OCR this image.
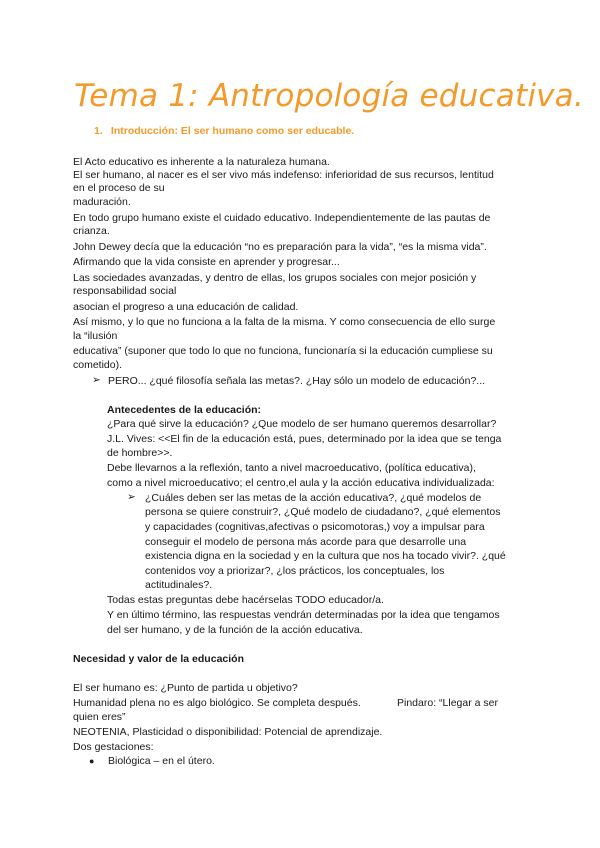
Tema 1: Antropología educativa.
1. Introducción: El ser humano como ser educable.
El Acto educativo es inherente a la naturaleza humana.
El ser humano, al nacer es el ser vivo más indefenso: inferioridad de sus recursos, lentitud
en el proceso de su
maduración.
En todo grupo humano existe el cuidado educativo. Independientemente de las pautas de
crianza.
John Dewey decía que la educación “no es preparación para la vida”, “es la misma vida”.
Afirmando que la vida consiste en aprender y progresar...
Las sociedades avanzadas, y dentro de ellas, los grupos sociales con mejor posición y
responsabilidad social
asocian el progreso a una educación de calidad.
Así mismo, y lo que no funciona a la falta de la misma. Y como consecuencia de ello surge
la “ilusión
educativa” (suponer que todo lo que no funciona, funcionaría si la educación cumpliese su
cometido).
➢ PERO... ¿qué filosofía señala las metas?. ¿Hay sólo un modelo de educación?...
Antecedentes de la educación:
¿Para qué sirve la educación? ¿Que modelo de ser humano queremos desarrollar?
J.L. Vives: <<El fin de la educación está, pues, determinado por la idea que se tenga
de hombre>>.
Debe llevarnos a la reflexión, tanto a nivel macroeducativo, (política educativa),
como a nivel microeducativo; el centro,el aula y la acción educativa individualizada:
➢ ¿Cuáles deben ser las metas de la acción educativa?, ¿qué modelos de
persona se quiere construir?, ¿Qué modelo de ciudadano?, ¿qué elementos
y capacidades (cognitivas,afectivas o psicomotoras,) voy a impulsar para
conseguir el modelo de persona más acorde para que desarrolle una
existencia digna en la sociedad y en la cultura que nos ha tocado vivir?. ¿qué
contenidos voy a priorizar?, ¿los prácticos, los conceptuales, los
actitudinales?.
Todas estas preguntas debe hacérselas TODO educador/a.
Y en último término, las respuestas vendrán determinadas por la idea que tengamos
del ser humano, y de la función de la acción educativa.
Necesidad y valor de la educación
El ser humano es: ¿Punto de partida u objetivo?
Humanidad plena no es algo biológico. Se completa después.	Pindaro: “Llegar a ser
quien eres”
NEOTENIA, Plasticidad o disponibilidad: Potencial de aprendizaje.
Dos gestaciones:
● Biológica – en el útero.
